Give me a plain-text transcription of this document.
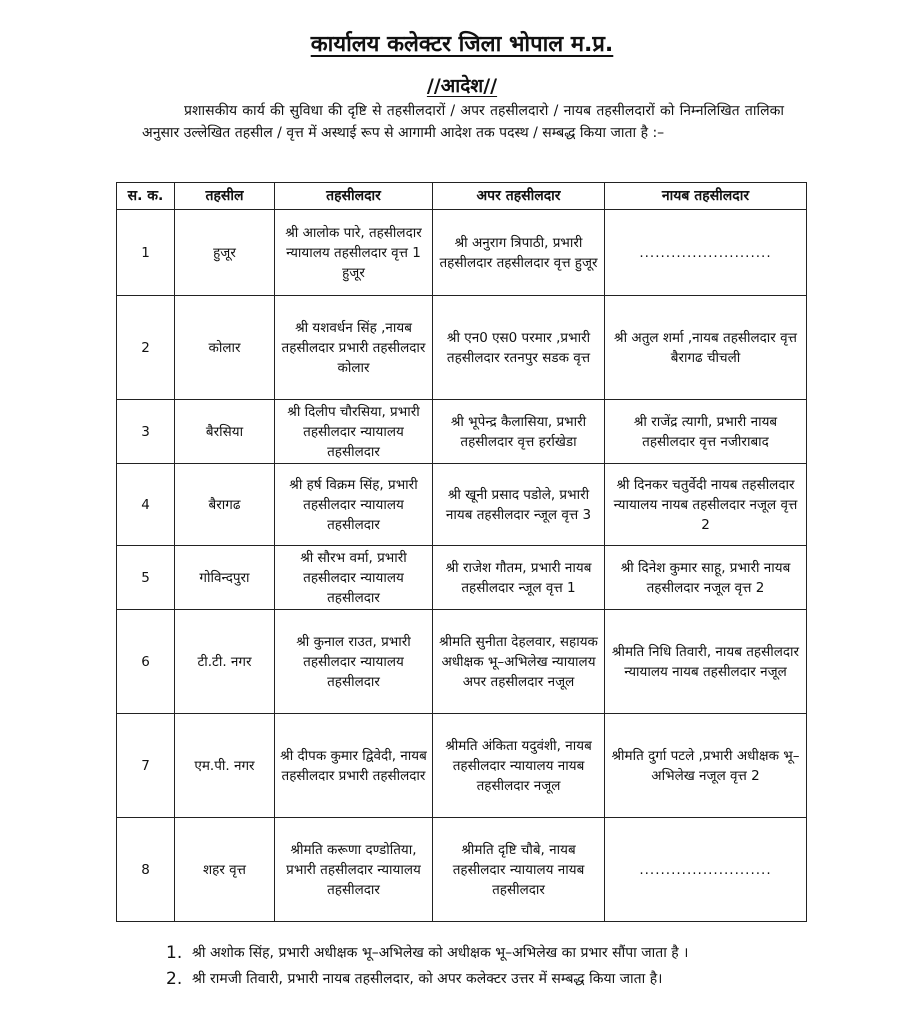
कार्यालय कलेक्टर जिला भोपाल म.प्र.
//आदेश//

प्रशासकीय कार्य की सुविधा की दृष्टि से तहसीलदारों / अपर तहसीलदारो / नायब तहसीलदारों को निम्नलिखित तालिका अनुसार उल्लेखित तहसील / वृत्त में अस्थाई रूप से आगामी आदेश तक पदस्थ / सम्बद्ध किया जाता है :–

स. क.	तहसील	तहसीलदार	अपर तहसीलदार	नायब तहसीलदार
1	हुजूर	श्री आलोक पारे, तहसीलदार न्यायालय तहसीलदार वृत्त 1 हुजूर	श्री अनुराग त्रिपाठी, प्रभारी तहसीलदार तहसीलदार वृत्त हुजूर	.........................
2	कोलार	श्री यशवर्धन सिंह ,नायब तहसीलदार प्रभारी तहसीलदार कोलार	श्री एन0 एस0 परमार ,प्रभारी तहसीलदार रतनपुर सडक वृत्त	श्री अतुल शर्मा ,नायब तहसीलदार वृत्त बैरागढ चीचली
3	बैरसिया	श्री दिलीप चौरसिया, प्रभारी तहसीलदार न्यायालय तहसीलदार	श्री भूपेन्द्र कैलासिया, प्रभारी तहसीलदार वृत्त हर्राखेडा	श्री राजेंद्र त्यागी, प्रभारी नायब तहसीलदार वृत्त नजीराबाद
4	बैरागढ	श्री हर्ष विक्रम सिंह, प्रभारी तहसीलदार न्यायालय तहसीलदार	श्री खूनी प्रसाद पडोले, प्रभारी नायब तहसीलदार न्जूल वृत्त 3	श्री दिनकर चतुर्वेदी नायब तहसीलदार न्यायालय नायब तहसीलदार नजूल वृत्त 2
5	गोविन्दपुरा	श्री सौरभ वर्मा, प्रभारी तहसीलदार न्यायालय तहसीलदार	श्री राजेश गौतम, प्रभारी नायब तहसीलदार न्जूल वृत्त 1	श्री दिनेश कुमार साहू, प्रभारी नायब तहसीलदार नजूल वृत्त 2
6	टी.टी. नगर	श्री कुनाल राउत, प्रभारी तहसीलदार न्यायालय तहसीलदार	श्रीमति सुनीता देहलवार, सहायक अधीक्षक भू–अभिलेख न्यायालय अपर तहसीलदार नजूल	श्रीमति निधि तिवारी, नायब तहसीलदार न्यायालय नायब तहसीलदार नजूल
7	एम.पी. नगर	श्री दीपक कुमार द्विवेदी, नायब तहसीलदार प्रभारी तहसीलदार	श्रीमति अंकिता यदुवंशी, नायब तहसीलदार न्यायालय नायब तहसीलदार नजूल	श्रीमति दुर्गा पटले ,प्रभारी अधीक्षक भू–अभिलेख नजूल वृत्त 2
8	शहर वृत्त	श्रीमति करूणा दण्डोतिया, प्रभारी तहसीलदार न्यायालय तहसीलदार	श्रीमति दृष्टि चौबे, नायब तहसीलदार न्यायालय नायब तहसीलदार	.........................
1. श्री अशोक सिंह, प्रभारी अधीक्षक भू–अभिलेख को अधीक्षक भू–अभिलेख का प्रभार सौंपा जाता है ।
2. श्री रामजी तिवारी, प्रभारी नायब तहसीलदार, को अपर कलेक्टर उत्तर में सम्बद्ध किया जाता है।
